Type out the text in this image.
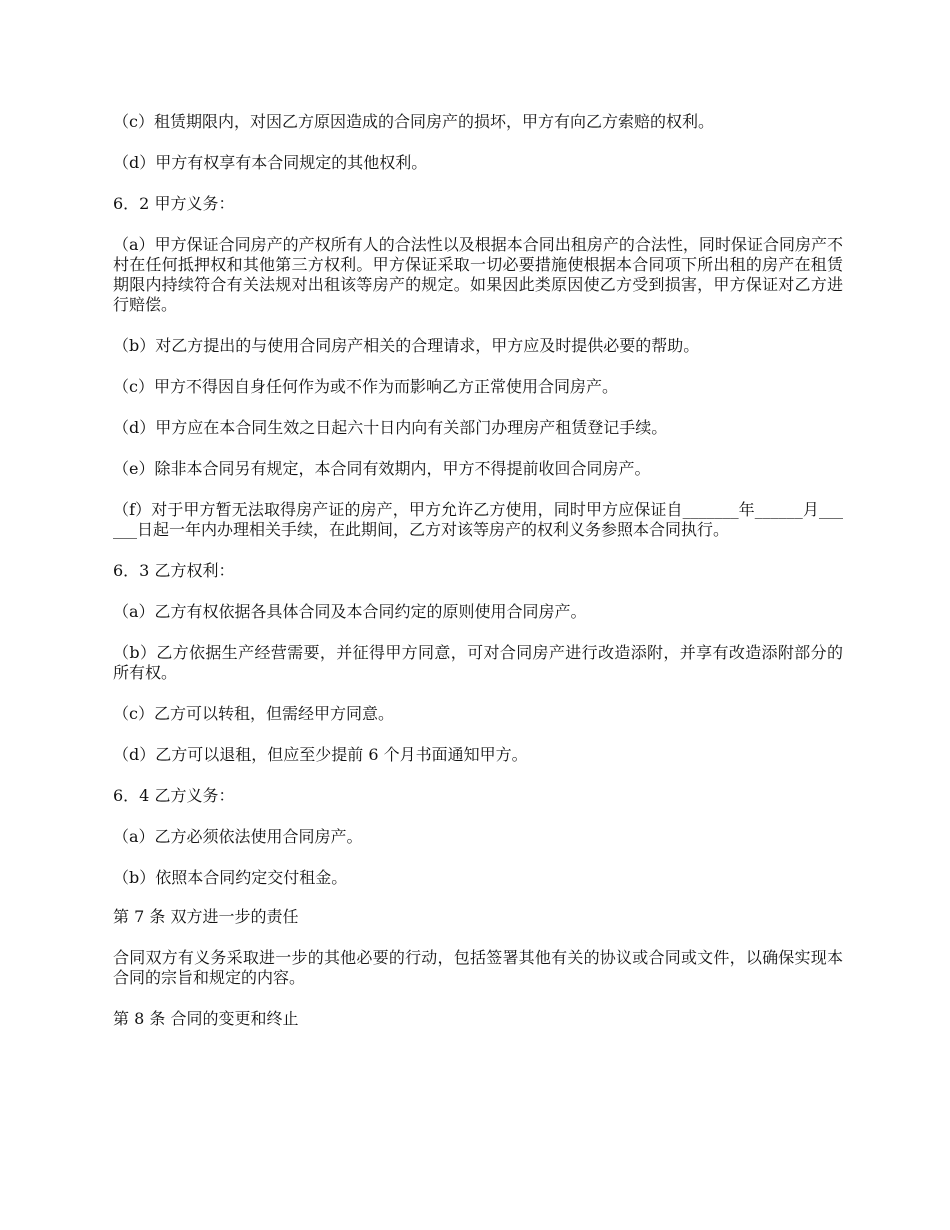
（c）租赁期限内，对因乙方原因造成的合同房产的损坏，甲方有向乙方索赔的权利。

（d）甲方有权享有本合同规定的其他权利。

6．2 甲方义务：

（a）甲方保证合同房产的产权所有人的合法性以及根据本合同出租房产的合法性，同时保证合同房产不村在任何抵押权和其他第三方权利。甲方保证采取一切必要措施使根据本合同项下所出租的房产在租赁期限内持续符合有关法规对出租该等房产的规定。如果因此类原因使乙方受到损害，甲方保证对乙方进行赔偿。

（b）对乙方提出的与使用合同房产相关的合理请求，甲方应及时提供必要的帮助。

（c）甲方不得因自身任何作为或不作为而影响乙方正常使用合同房产。

（d）甲方应在本合同生效之日起六十日内向有关部门办理房产租赁登记手续。

（e）除非本合同另有规定，本合同有效期内，甲方不得提前收回合同房产。

（f）对于甲方暂无法取得房产证的房产，甲方允许乙方使用，同时甲方应保证自_______年______月______日起一年内办理相关手续，在此期间，乙方对该等房产的权利义务参照本合同执行。

6．3 乙方权利：

（a）乙方有权依据各具体合同及本合同约定的原则使用合同房产。

（b）乙方依据生产经营需要，并征得甲方同意，可对合同房产进行改造添附，并享有改造添附部分的所有权。

（c）乙方可以转租，但需经甲方同意。

（d）乙方可以退租，但应至少提前 6 个月书面通知甲方。

6．4 乙方义务：

（a）乙方必须依法使用合同房产。

（b）依照本合同约定交付租金。

第 7 条 双方进一步的责任

合同双方有义务采取进一步的其他必要的行动，包括签署其他有关的协议或合同或文件，以确保实现本合同的宗旨和规定的内容。

第 8 条 合同的变更和终止
